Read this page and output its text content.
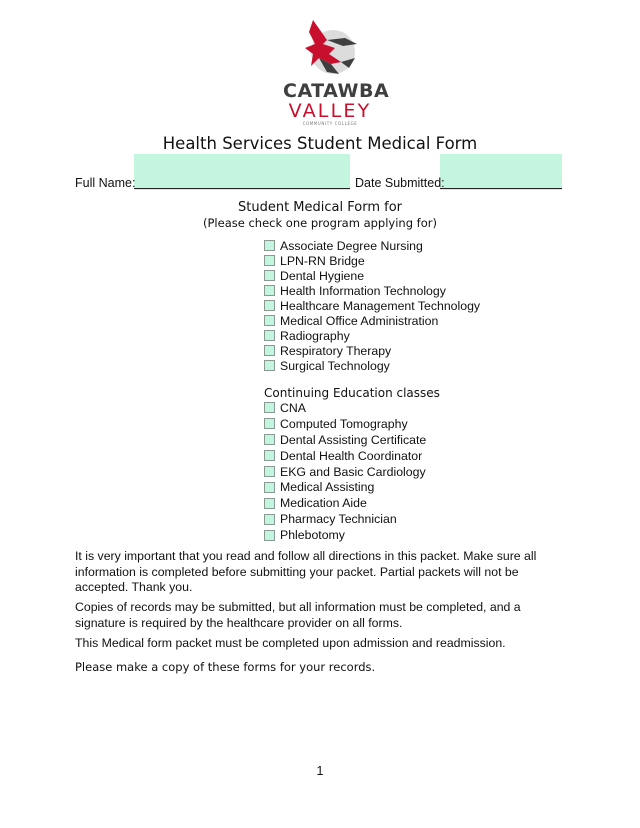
CATAWBA
VALLEY
COMMUNITY COLLEGE
Health Services Student Medical Form
Full Name:	Date Submitted:
Student Medical Form for
(Please check one program applying for)
Associate Degree Nursing
LPN-RN Bridge
Dental Hygiene
Health Information Technology
Healthcare Management Technology
Medical Office Administration
Radiography
Respiratory Therapy
Surgical Technology
Continuing Education classes
CNA
Computed Tomography
Dental Assisting Certificate
Dental Health Coordinator
EKG and Basic Cardiology
Medical Assisting
Medication Aide
Pharmacy Technician
Phlebotomy

It is very important that you read and follow all directions in this packet. Make sure all information is completed before submitting your packet. Partial packets will not be accepted. Thank you.

Copies of records may be submitted, but all information must be completed, and a signature is required by the healthcare provider on all forms.

This Medical form packet must be completed upon admission and readmission.

Please make a copy of these forms for your records.

1
